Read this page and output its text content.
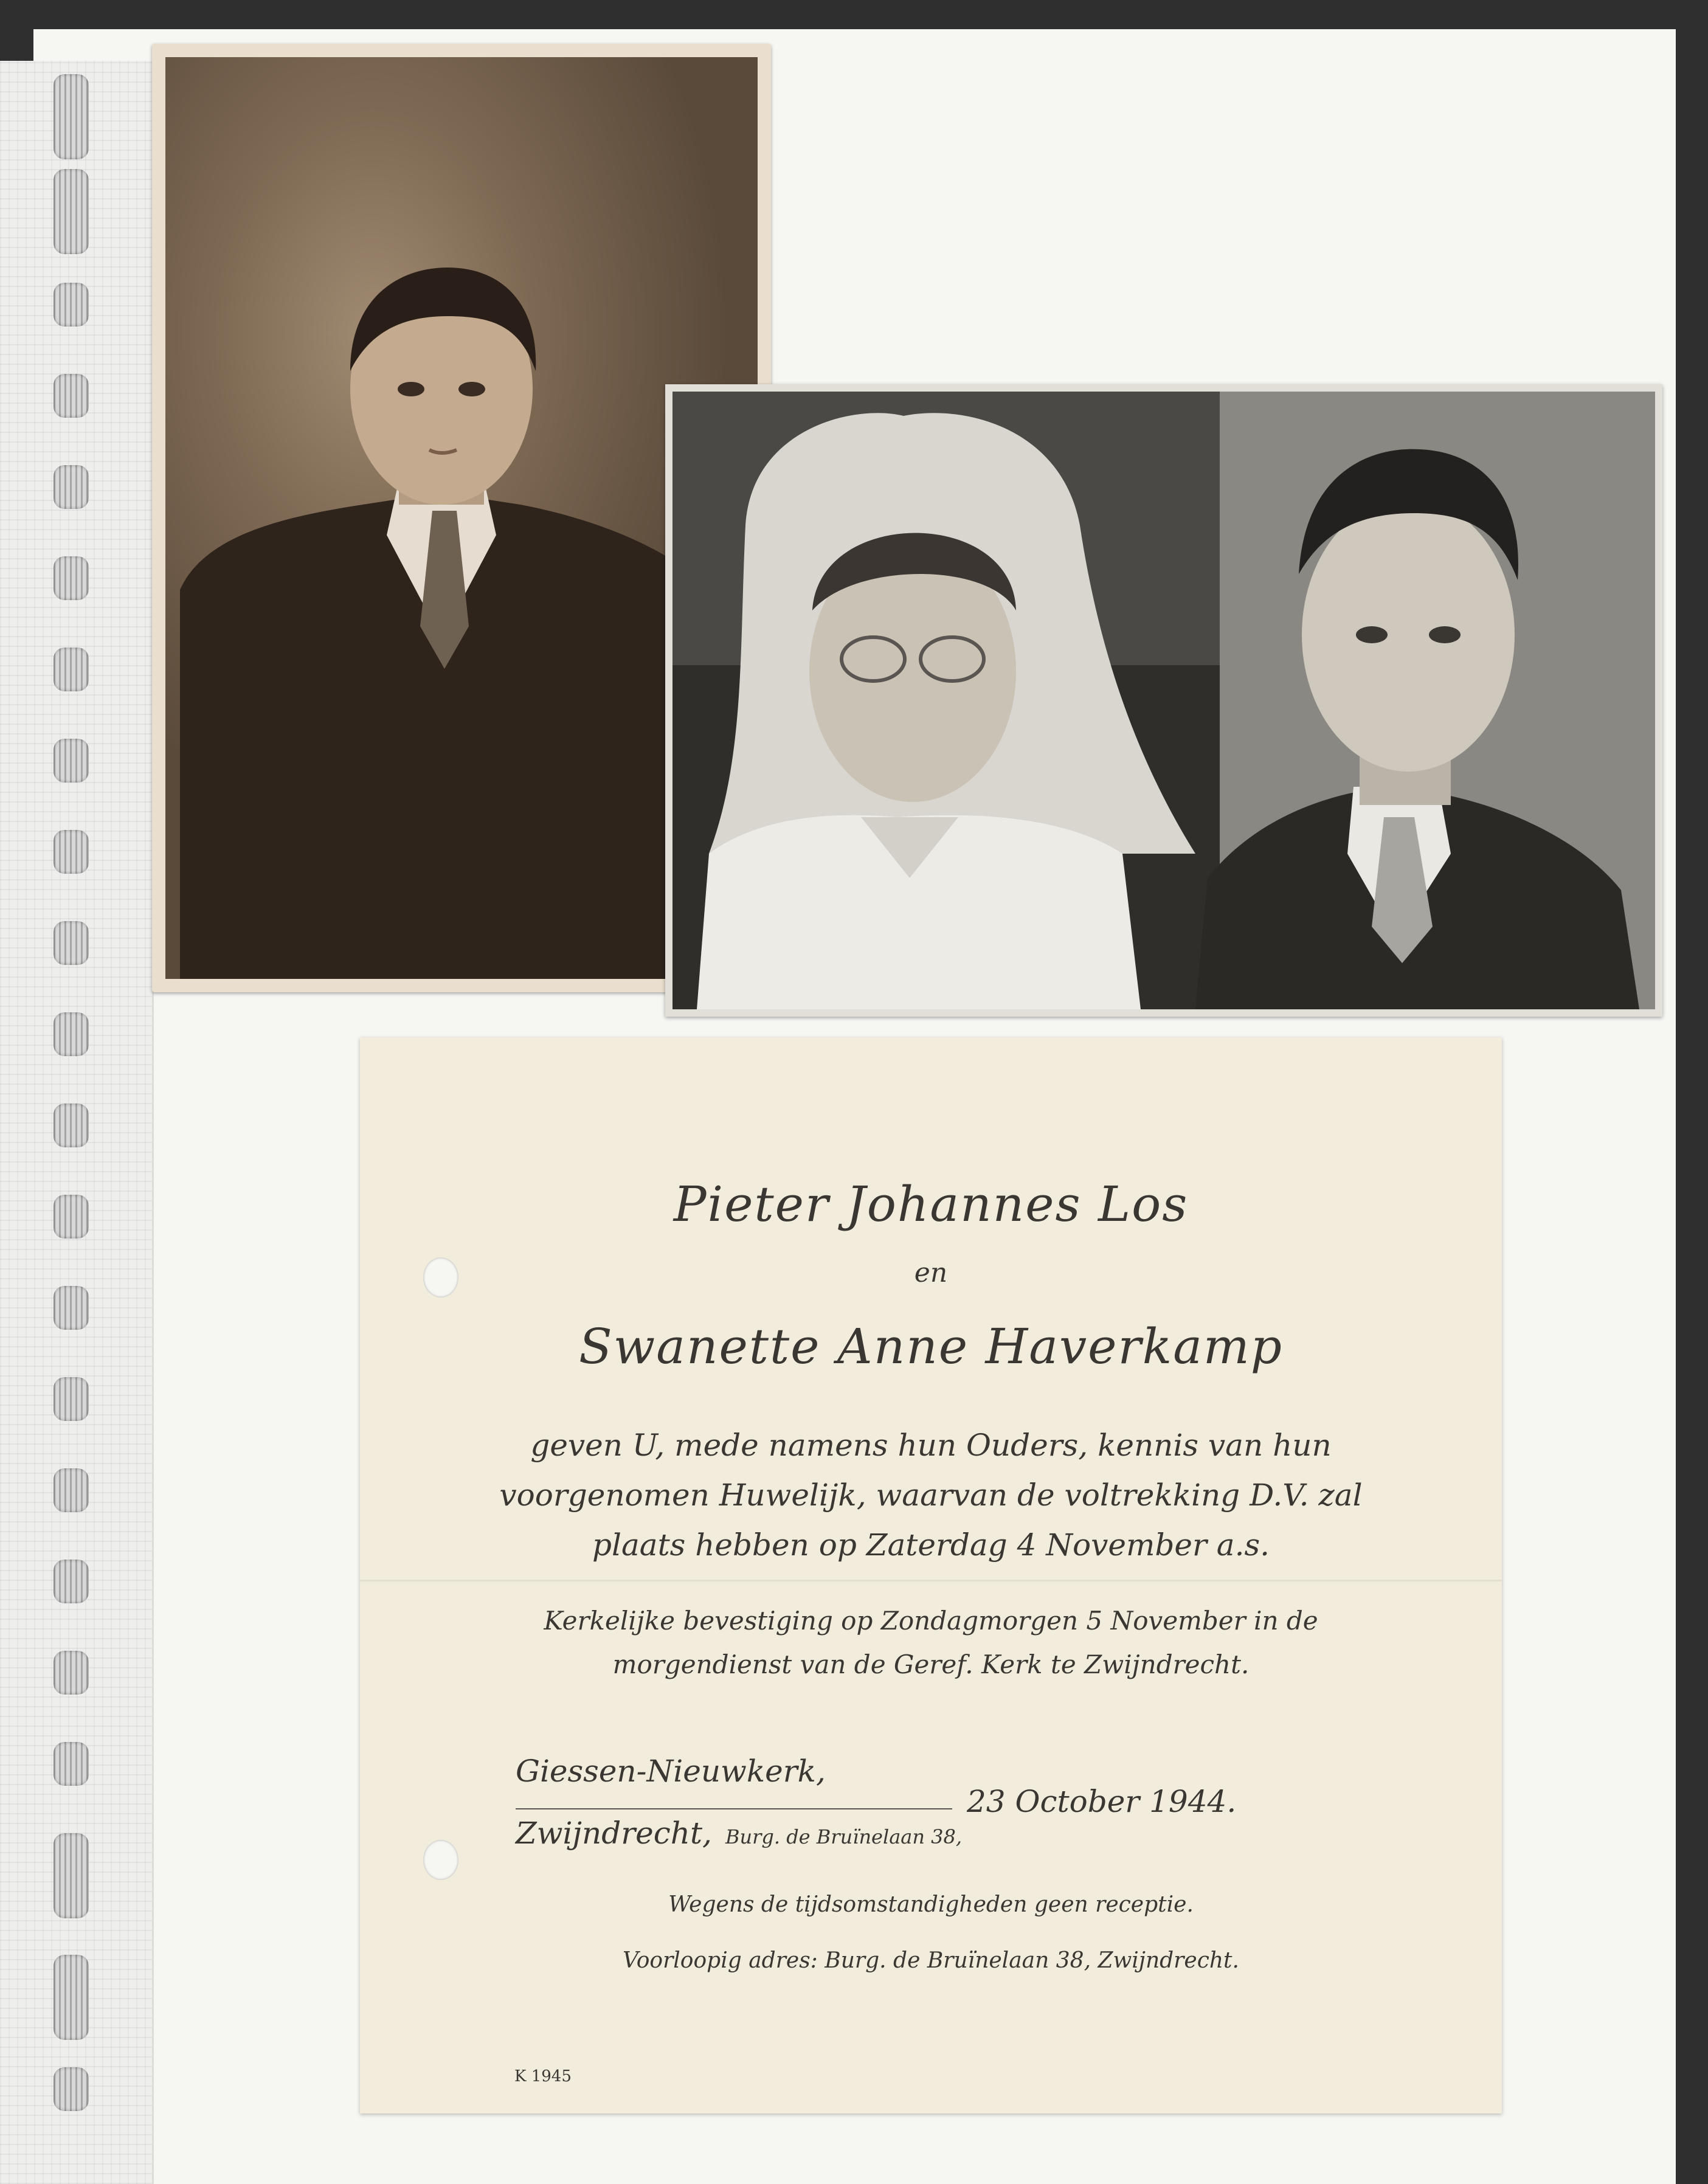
Pieter Johannes Los
en
Swanette Anne Haverkamp
geven U, mede namens hun Ouders, kennis van hun
voorgenomen Huwelijk, waarvan de voltrekking D.V. zal
plaats hebben op Zaterdag 4 November a.s.
Kerkelijke bevestiging op Zondagmorgen 5 November in de
morgendienst van de Geref. Kerk te Zwijndrecht.
Giessen-Nieuwkerk,
Zwijndrecht, Burg. de Bruïnelaan 38,
23 October 1944.
Wegens de tijdsomstandigheden geen receptie.
Voorloopig adres: Burg. de Bruïnelaan 38, Zwijndrecht.
K 1945
